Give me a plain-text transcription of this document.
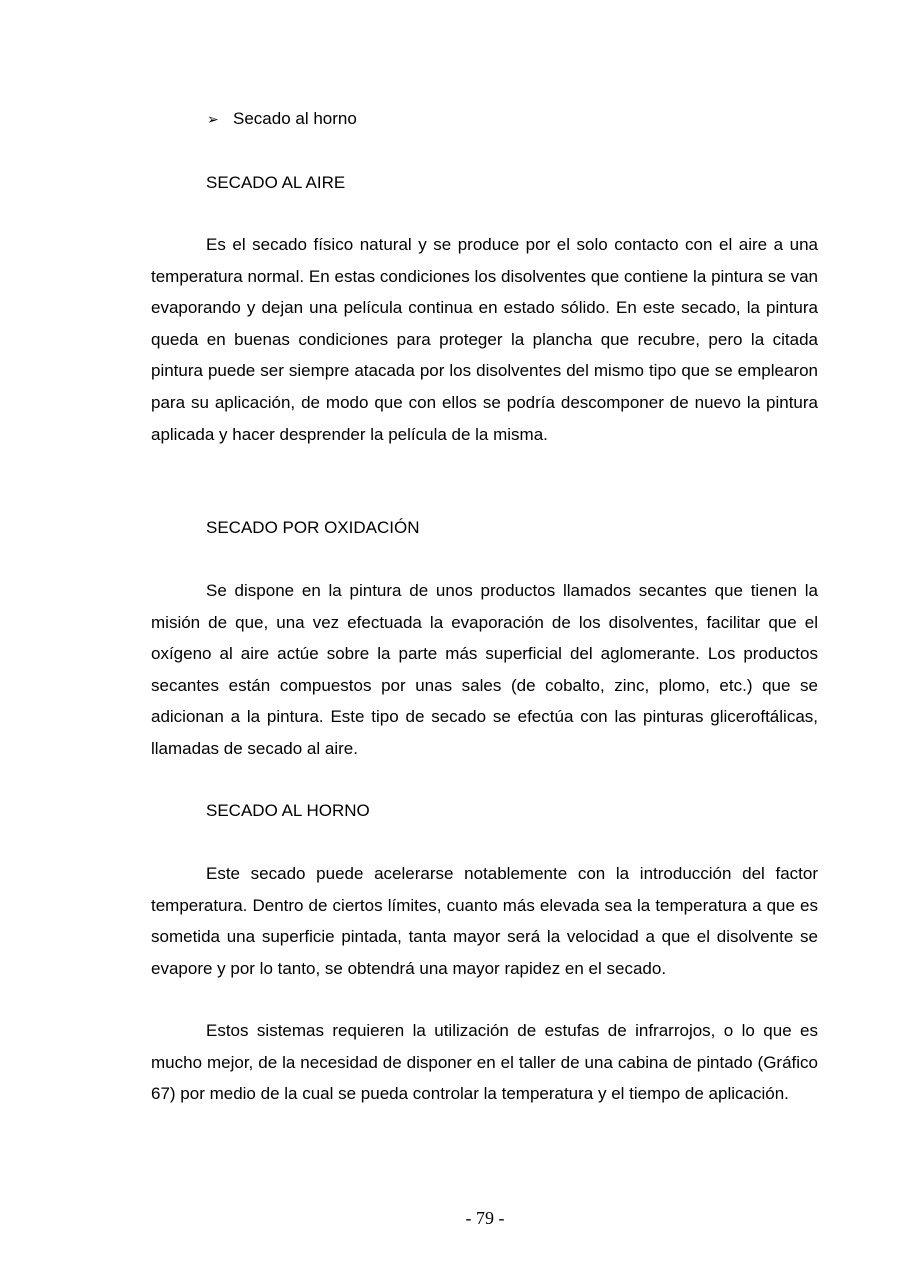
➢ Secado al horno
SECADO AL AIRE

Es el secado físico natural y se produce por el solo contacto con el aire a una temperatura normal. En estas condiciones los disolventes que contiene la pintura se van evaporando y dejan una película continua en estado sólido. En este secado, la pintura queda en buenas condiciones para proteger la plancha que recubre, pero la citada pintura puede ser siempre atacada por los disolventes del mismo tipo que se emplearon para su aplicación, de modo que con ellos se podría descomponer de nuevo la pintura aplicada y hacer desprender la película de la misma.

SECADO POR OXIDACIÓN

Se dispone en la pintura de unos productos llamados secantes que tienen la misión de que, una vez efectuada la evaporación de los disolventes, facilitar que el oxígeno al aire actúe sobre la parte más superficial del aglomerante. Los productos secantes están compuestos por unas sales (de cobalto, zinc, plomo, etc.) que se adicionan a la pintura. Este tipo de secado se efectúa con las pinturas gliceroftálicas, llamadas de secado al aire.

SECADO AL HORNO

Este secado puede acelerarse notablemente con la introducción del factor temperatura. Dentro de ciertos límites, cuanto más elevada sea la temperatura a que es sometida una superficie pintada, tanta mayor será la velocidad a que el disolvente se evapore y por lo tanto, se obtendrá una mayor rapidez en el secado.

Estos sistemas requieren la utilización de estufas de infrarrojos, o lo que es mucho mejor, de la necesidad de disponer en el taller de una cabina de pintado (Gráfico 67) por medio de la cual se pueda controlar la temperatura y el tiempo de aplicación.

- 79 -
